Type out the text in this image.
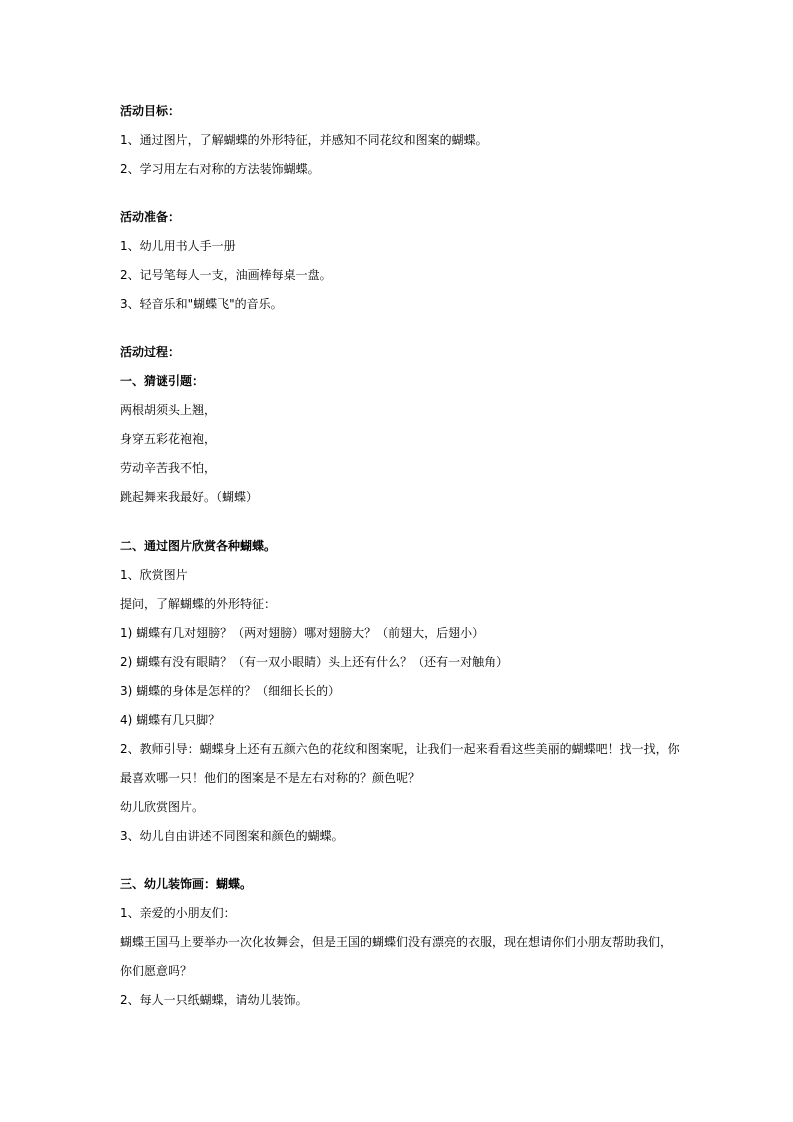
活动目标：
1、通过图片，了解蝴蝶的外形特征，并感知不同花纹和图案的蝴蝶。
2、学习用左右对称的方法装饰蝴蝶。
活动准备：
1、幼儿用书人手一册
2、记号笔每人一支，油画棒每桌一盘。
3、轻音乐和"蝴蝶飞"的音乐。
活动过程：
一、猜谜引题：
两根胡须头上翘，
身穿五彩花袍袍，
劳动辛苦我不怕，
跳起舞来我最好。（蝴蝶）
二、通过图片欣赏各种蝴蝶。
1、欣赏图片
提问，了解蝴蝶的外形特征：
1) 蝴蝶有几对翅膀？（两对翅膀）哪对翅膀大？（前翅大，后翅小）
2) 蝴蝶有没有眼睛？（有一双小眼睛）头上还有什么？（还有一对触角）
3) 蝴蝶的身体是怎样的？（细细长长的）
4) 蝴蝶有几只脚？
2、教师引导：蝴蝶身上还有五颜六色的花纹和图案呢，让我们一起来看看这些美丽的蝴蝶吧！找一找，你
最喜欢哪一只！他们的图案是不是左右对称的？颜色呢？
幼儿欣赏图片。
3、幼儿自由讲述不同图案和颜色的蝴蝶。
三、幼儿装饰画：蝴蝶。
1、亲爱的小朋友们：
蝴蝶王国马上要举办一次化妆舞会，但是王国的蝴蝶们没有漂亮的衣服，现在想请你们小朋友帮助我们，
你们愿意吗？
2、每人一只纸蝴蝶，请幼儿装饰。
